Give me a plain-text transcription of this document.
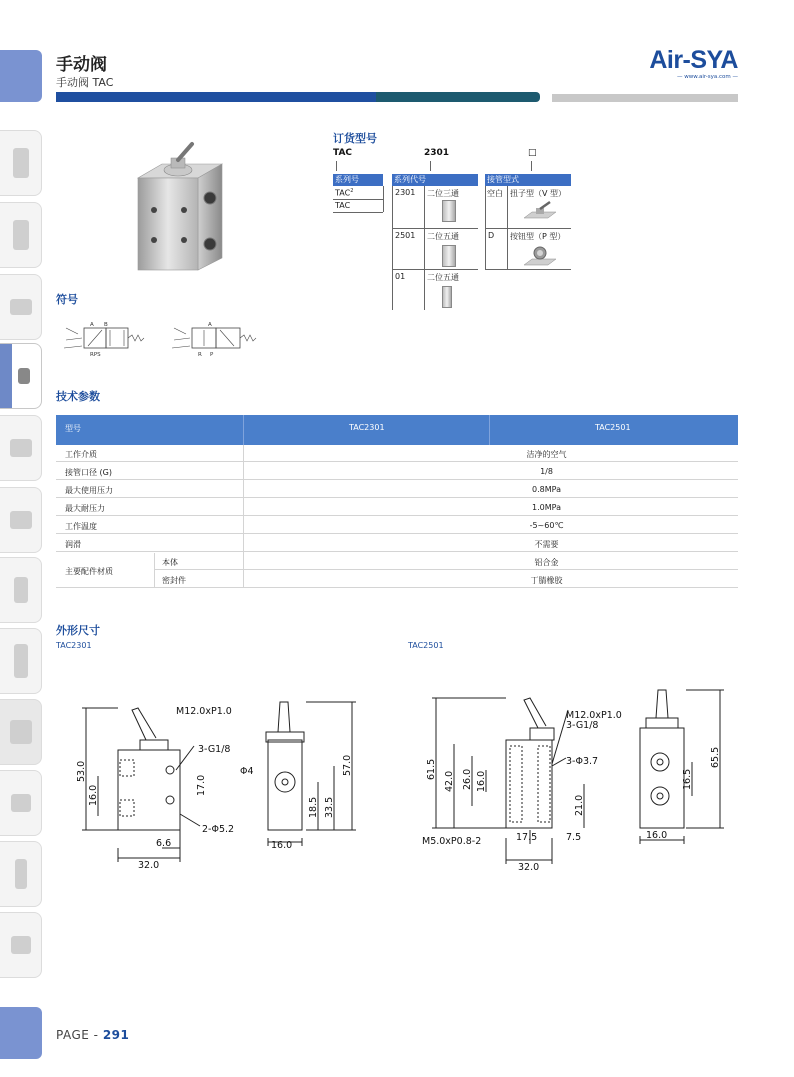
手动阀
手动阀 TAC
Air-SYA
— www.air-sya.com —
订货型号
TAC	2301	□
系列号	系列代号	接管型式
TAC$^2$
TAC
2301 二位三通
2501 二位五通
01	二位五通
空白 扭子型（V 型）
D 按钮型（P 型）
符号
A B
RPS
A
R P
技术参数
型号	TAC2301	TAC2501
工作介质	洁净的空气
接管口径 (G)	1/8
最大使用压力	0.8MPa
最大耐压力	1.0MPa
工作温度	-5~60℃
润滑	不需要
主要配件材质
本体	铝合金
密封件	丁腈橡胶
外形尺寸
TAC2301	TAC2501
M12.0xP1.0
3-G1/8
Φ4
2-Φ5.2
6.6
32.0
16.0
53.0
16.0	17.0
57.0
18.5 33.5
M12.0xP1.0
3-G1/8
3-Φ3.7
M5.0xP0.8-2	17.5	7.5
32.0
16.0
61.5
42.0 26.0 16.0
21.0
65.5
16.5
PAGE - 291
